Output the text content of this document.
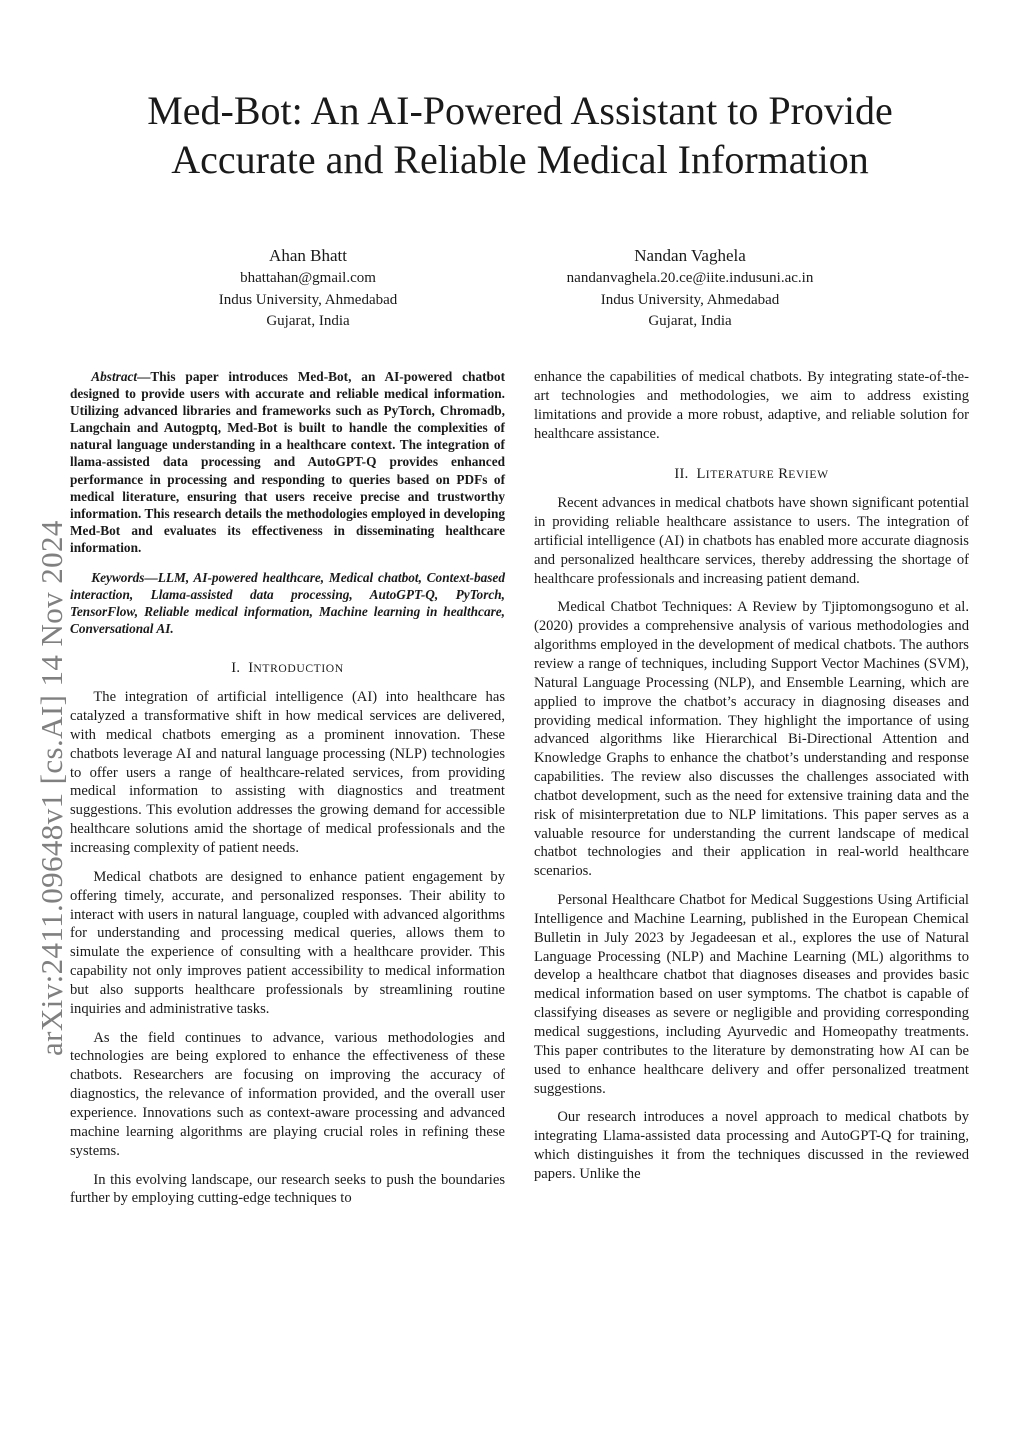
Med-Bot: An AI-Powered Assistant to Provide
Accurate and Reliable Medical Information
Ahan Bhatt
bhattahan@gmail.com
Indus University, Ahmedabad
Gujarat, India
Nandan Vaghela
nandanvaghela.20.ce@iite.indusuni.ac.in
Indus University, Ahmedabad
Gujarat, India
arXiv:2411.09648v1 [cs.AI] 14 Nov 2024

Abstract—This paper introduces Med-Bot, an AI-powered chatbot designed to provide users with accurate and reliable medical information. Utilizing advanced libraries and frameworks such as PyTorch, Chromadb, Langchain and Autogptq, Med-Bot is built to handle the complexities of natural language understanding in a healthcare context. The integration of llama-assisted data processing and AutoGPT-Q provides enhanced performance in processing and responding to queries based on PDFs of medical literature, ensuring that users receive precise and trustworthy information. This research details the methodologies employed in developing Med-Bot and evaluates its effectiveness in disseminating healthcare information.

Keywords—LLM, AI-powered healthcare, Medical chatbot, Context-based interaction, Llama-assisted data processing, AutoGPT-Q, PyTorch, TensorFlow, Reliable medical information, Machine learning in healthcare, Conversational AI.

I. INTRODUCTION

The integration of artificial intelligence (AI) into healthcare has catalyzed a transformative shift in how medical services are delivered, with medical chatbots emerging as a prominent innovation. These chatbots leverage AI and natural language processing (NLP) technologies to offer users a range of healthcare-related services, from providing medical information to assisting with diagnostics and treatment suggestions. This evolution addresses the growing demand for accessible healthcare solutions amid the shortage of medical professionals and the increasing complexity of patient needs.

Medical chatbots are designed to enhance patient engagement by offering timely, accurate, and personalized responses. Their ability to interact with users in natural language, coupled with advanced algorithms for understanding and processing medical queries, allows them to simulate the experience of consulting with a healthcare provider. This capability not only improves patient accessibility to medical information but also supports healthcare professionals by streamlining routine inquiries and administrative tasks.

As the field continues to advance, various methodologies and technologies are being explored to enhance the effectiveness of these chatbots. Researchers are focusing on improving the accuracy of diagnostics, the relevance of information provided, and the overall user experience. Innovations such as context-aware processing and advanced machine learning algorithms are playing crucial roles in refining these systems.

In this evolving landscape, our research seeks to push the boundaries further by employing cutting-edge techniques to

enhance the capabilities of medical chatbots. By integrating state-of-the-art technologies and methodologies, we aim to address existing limitations and provide a more robust, adaptive, and reliable solution for healthcare assistance.

II. LITERATURE REVIEW

Recent advances in medical chatbots have shown significant potential in providing reliable healthcare assistance to users. The integration of artificial intelligence (AI) in chatbots has enabled more accurate diagnosis and personalized healthcare services, thereby addressing the shortage of healthcare professionals and increasing patient demand.

Medical Chatbot Techniques: A Review by Tjiptomongsoguno et al. (2020) provides a comprehensive analysis of various methodologies and algorithms employed in the development of medical chatbots. The authors review a range of techniques, including Support Vector Machines (SVM), Natural Language Processing (NLP), and Ensemble Learning, which are applied to improve the chatbot’s accuracy in diagnosing diseases and providing medical information. They highlight the importance of using advanced algorithms like Hierarchical Bi-Directional Attention and Knowledge Graphs to enhance the chatbot’s understanding and response capabilities. The review also discusses the challenges associated with chatbot development, such as the need for extensive training data and the risk of misinterpretation due to NLP limitations. This paper serves as a valuable resource for understanding the current landscape of medical chatbot technologies and their application in real-world healthcare scenarios.

Personal Healthcare Chatbot for Medical Suggestions Using Artificial Intelligence and Machine Learning, published in the European Chemical Bulletin in July 2023 by Jegadeesan et al., explores the use of Natural Language Processing (NLP) and Machine Learning (ML) algorithms to develop a healthcare chatbot that diagnoses diseases and provides basic medical information based on user symptoms. The chatbot is capable of classifying diseases as severe or negligible and providing corresponding medical suggestions, including Ayurvedic and Homeopathy treatments. This paper contributes to the literature by demonstrating how AI can be used to enhance healthcare delivery and offer personalized treatment suggestions.

Our research introduces a novel approach to medical chatbots by integrating Llama-assisted data processing and AutoGPT-Q for training, which distinguishes it from the techniques discussed in the reviewed papers. Unlike the
